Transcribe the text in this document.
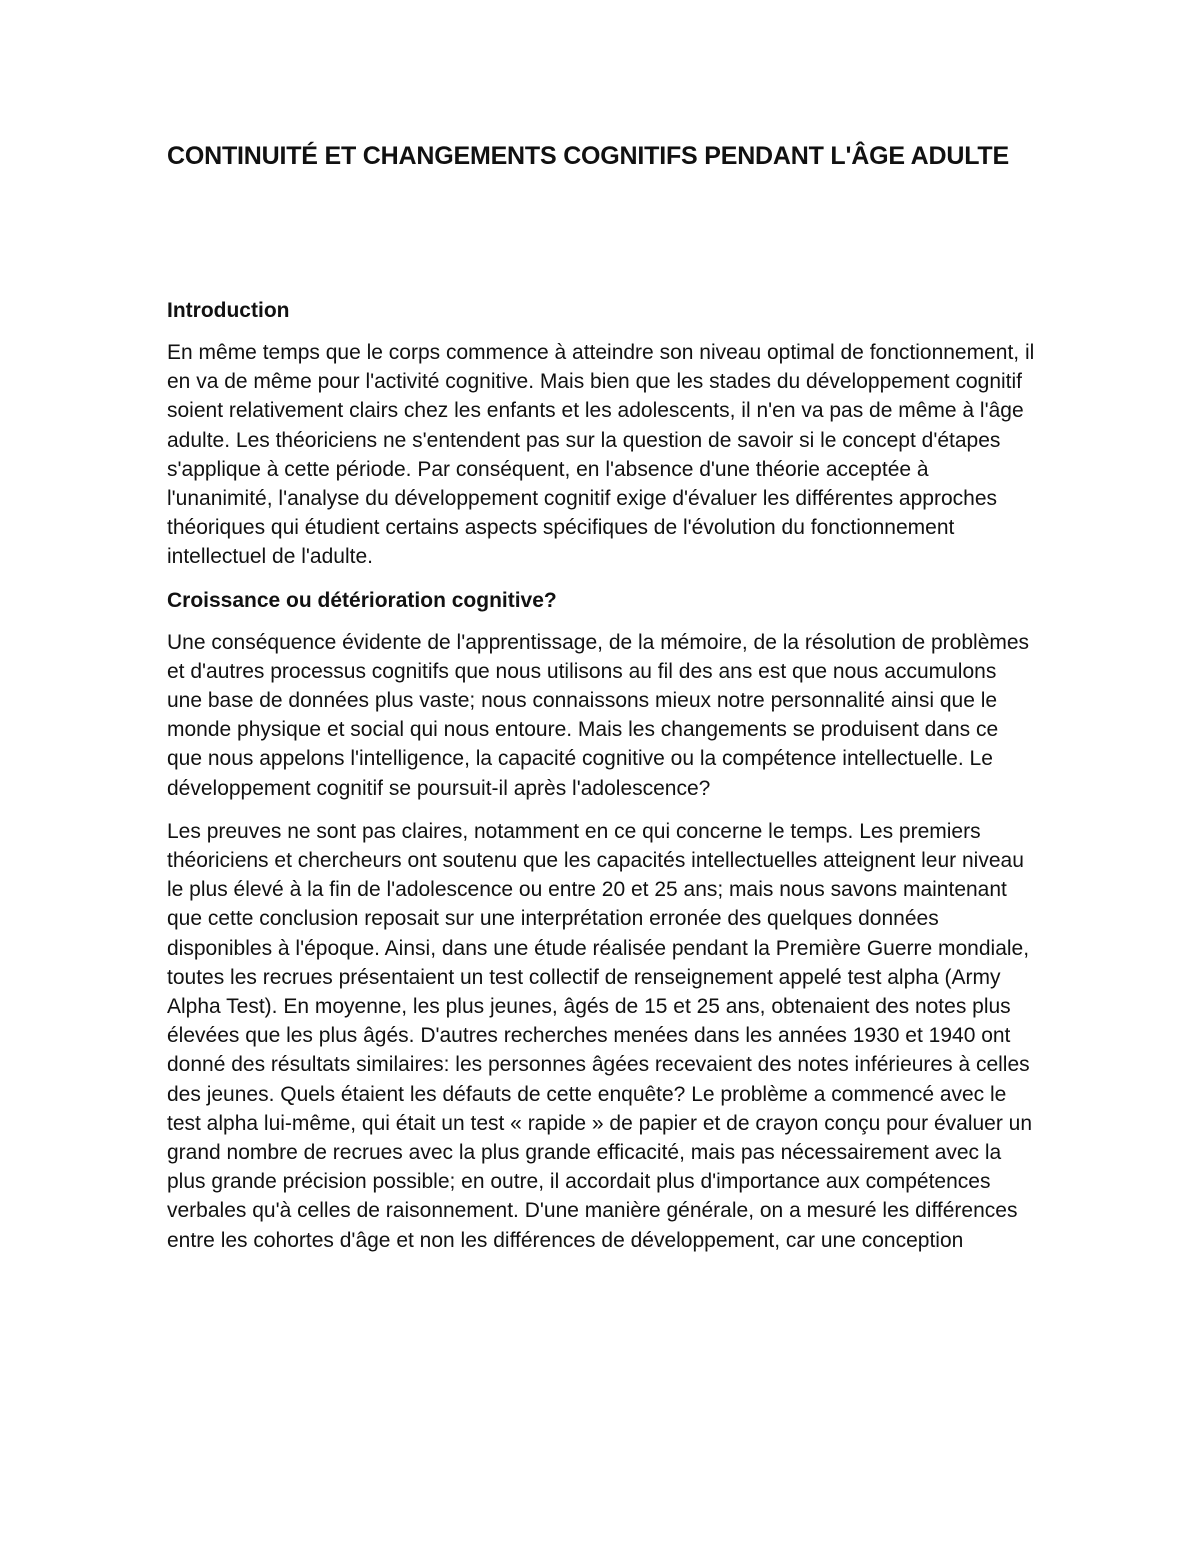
CONTINUITÉ ET CHANGEMENTS COGNITIFS PENDANT L'ÂGE ADULTE
Introduction

En même temps que le corps commence à atteindre son niveau optimal de fonctionnement, il en va de même pour l'activité cognitive. Mais bien que les stades du développement cognitif soient relativement clairs chez les enfants et les adolescents, il n'en va pas de même à l'âge adulte. Les théoriciens ne s'entendent pas sur la question de savoir si le concept d'étapes s'applique à cette période. Par conséquent, en l'absence d'une théorie acceptée à l'unanimité, l'analyse du développement cognitif exige d'évaluer les différentes approches théoriques qui étudient certains aspects spécifiques de l'évolution du fonctionnement intellectuel de l'adulte.

Croissance ou détérioration cognitive?

Une conséquence évidente de l'apprentissage, de la mémoire, de la résolution de problèmes et d'autres processus cognitifs que nous utilisons au fil des ans est que nous accumulons une base de données plus vaste; nous connaissons mieux notre personnalité ainsi que le monde physique et social qui nous entoure. Mais les changements se produisent dans ce que nous appelons l'intelligence, la capacité cognitive ou la compétence intellectuelle. Le développement cognitif se poursuit-il après l'adolescence?

Les preuves ne sont pas claires, notamment en ce qui concerne le temps. Les premiers théoriciens et chercheurs ont soutenu que les capacités intellectuelles atteignent leur niveau le plus élevé à la fin de l'adolescence ou entre 20 et 25 ans; mais nous savons maintenant que cette conclusion reposait sur une interprétation erronée des quelques données disponibles à l'époque. Ainsi, dans une étude réalisée pendant la Première Guerre mondiale, toutes les recrues présentaient un test collectif de renseignement appelé test alpha (Army Alpha Test). En moyenne, les plus jeunes, âgés de 15 et 25 ans, obtenaient des notes plus élevées que les plus âgés. D'autres recherches menées dans les années 1930 et 1940 ont donné des résultats similaires: les personnes âgées recevaient des notes inférieures à celles des jeunes. Quels étaient les défauts de cette enquête? Le problème a commencé avec le test alpha lui-même, qui était un test « rapide » de papier et de crayon conçu pour évaluer un grand nombre de recrues avec la plus grande efficacité, mais pas nécessairement avec la plus grande précision possible; en outre, il accordait plus d'importance aux compétences verbales qu'à celles de raisonnement. D'une manière générale, on a mesuré les différences entre les cohortes d'âge et non les différences de développement, car une conception
